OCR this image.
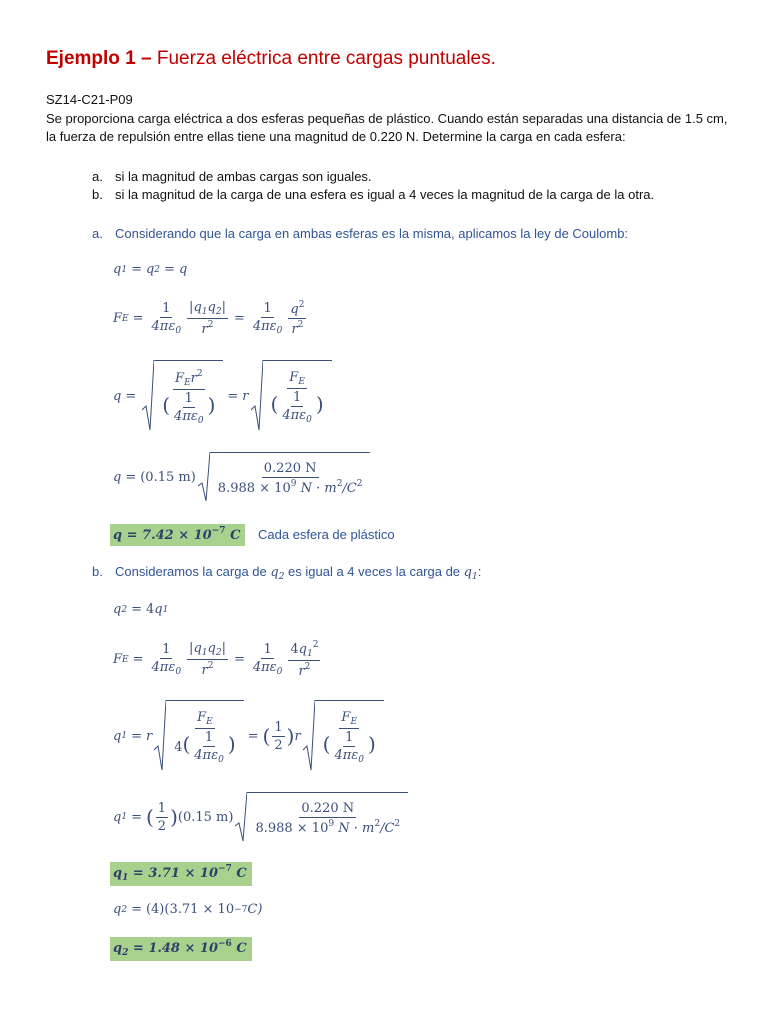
Ejemplo 1 – Fuerza eléctrica entre cargas puntuales.
SZ14-C21-P09
Se proporciona carga eléctrica a dos esferas pequeñas de plástico. Cuando están separadas una distancia de 1.5 cm, la fuerza de repulsión entre ellas tiene una magnitud de 0.220 N. Determine la carga en cada esfera:
a. si la magnitud de ambas cargas son iguales.
b. si la magnitud de la carga de una esfera es igual a 4 veces la magnitud de la carga de la otra.
a. Considerando que la carga en ambas esferas es la misma, aplicamos la ley de Coulomb:
q 1 = q 2 = q
F $E = \frac{1}{4\pi\varepsilon_0} \frac{|q_1q_2|}{r^2} = \frac{1}{4\pi\varepsilon_0} \frac{q^2}{r^2}$
$q = \frac{F_Er^2}{( \frac{1}{4\pi\varepsilon_0} )} = r \frac{F_E}{( \frac{1}{4\pi\varepsilon_0} )}$
q = (0.15 $m) \frac{0.220 N}{8.988 \times 10^9 N \cdot m^2/C^2}$
$q = 7.42 \times 10^{-7}$ C	Cada esfera de plástico
b. Consideramos la carga de $q_2$ es igual a 4 veces la carga de $q_1$:
q 2 = 4 q 1
F $E = \frac{1}{4\pi\varepsilon_0} \frac{|q_1q_2|}{r^2} = \frac{1}{4\pi\varepsilon_0} \frac{4q_1^2}{r^2}$
q 1 = r $\frac{F_E}{4( \frac{1}{4\pi\varepsilon_0} )}$ = ( $\frac{1}{2}$ ) r $\frac{F_E}{( \frac{1}{4\pi\varepsilon_0} )}$
q 1 = ( $\frac{1}{2}$ ) (0.15 $m) \frac{0.220 N}{8.988 \times 10^9 N \cdot m^2/C^2}$
$q_1 = 3.71 \times 10^{-7}$ C
q 2 = (4)(3.71 × 10 −7 C)
$q_2 = 1.48 \times 10^{-6}$ C
